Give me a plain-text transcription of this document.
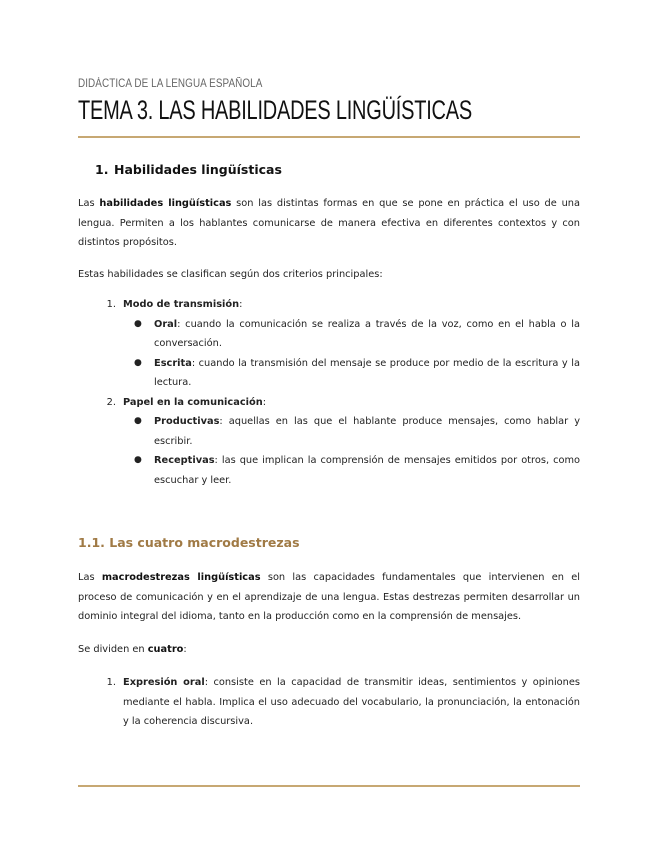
DIDÁCTICA DE LA LENGUA ESPAÑOLA
TEMA 3. LAS HABILIDADES LINGÜÍSTICAS
1. Habilidades lingüísticas

Las habilidades lingüísticas son las distintas formas en que se pone en práctica el uso de una lengua. Permiten a los hablantes comunicarse de manera efectiva en diferentes contextos y con distintos propósitos.

Estas habilidades se clasifican según dos criterios principales:

1. Modo de transmisión:
●	Oral: cuando la comunicación se realiza a través de la voz, como en el habla o la conversación.
●	Escrita: cuando la transmisión del mensaje se produce por medio de la escritura y la lectura.
2. Papel en la comunicación:
●	Productivas: aquellas en las que el hablante produce mensajes, como hablar y escribir.
●	Receptivas: las que implican la comprensión de mensajes emitidos por otros, como escuchar y leer.
1.1. Las cuatro macrodestrezas

Las macrodestrezas lingüísticas son las capacidades fundamentales que intervienen en el proceso de comunicación y en el aprendizaje de una lengua. Estas destrezas permiten desarrollar un dominio integral del idioma, tanto en la producción como en la comprensión de mensajes.

Se dividen en cuatro:

1. Expresión oral: consiste en la capacidad de transmitir ideas, sentimientos y opiniones mediante el habla. Implica el uso adecuado del vocabulario, la pronunciación, la entonación y la coherencia discursiva.
